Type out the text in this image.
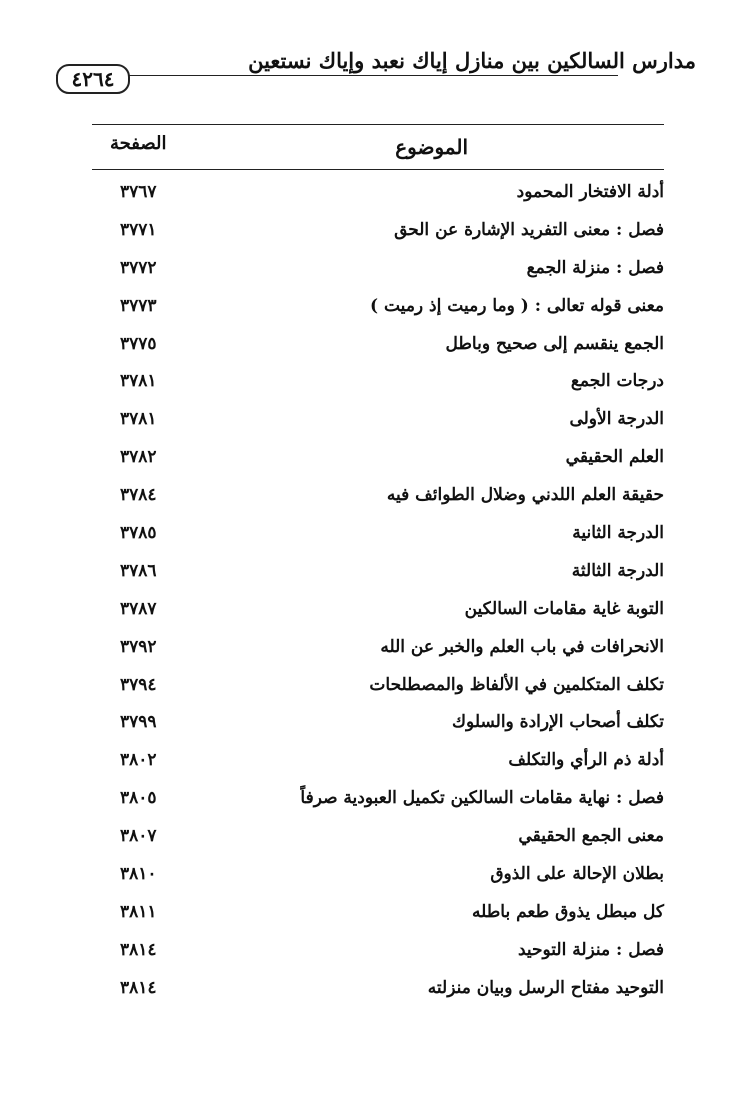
مدارس السالكين بين منازل إياك نعبد وإياك نستعين
٤٢٦٤
الموضوع
الصفحة
أدلة الافتخار المحمود
٣٧٦٧
فصل : معنى التفريد الإشارة عن الحق
٣٧٧١
فصل : منزلة الجمع
٣٧٧٢
معنى قوله تعالى : ( وما رميت إذ رميت )
٣٧٧٣
الجمع ينقسم إلى صحيح وباطل
٣٧٧٥
درجات الجمع
٣٧٨١
الدرجة الأولى
٣٧٨١
العلم الحقيقي
٣٧٨٢
حقيقة العلم اللدني وضلال الطوائف فيه
٣٧٨٤
الدرجة الثانية
٣٧٨٥
الدرجة الثالثة
٣٧٨٦
التوبة غاية مقامات السالكين
٣٧٨٧
الانحرافات في باب العلم والخبر عن الله
٣٧٩٢
تكلف المتكلمين في الألفاظ والمصطلحات
٣٧٩٤
تكلف أصحاب الإرادة والسلوك
٣٧٩٩
أدلة ذم الرأي والتكلف
٣٨٠٢
فصل : نهاية مقامات السالكين تكميل العبودية صرفاً
٣٨٠٥
معنى الجمع الحقيقي
٣٨٠٧
بطلان الإحالة على الذوق
٣٨١٠
كل مبطل يذوق طعم باطله
٣٨١١
فصل : منزلة التوحيد
٣٨١٤
التوحيد مفتاح الرسل وبيان منزلته
٣٨١٤
